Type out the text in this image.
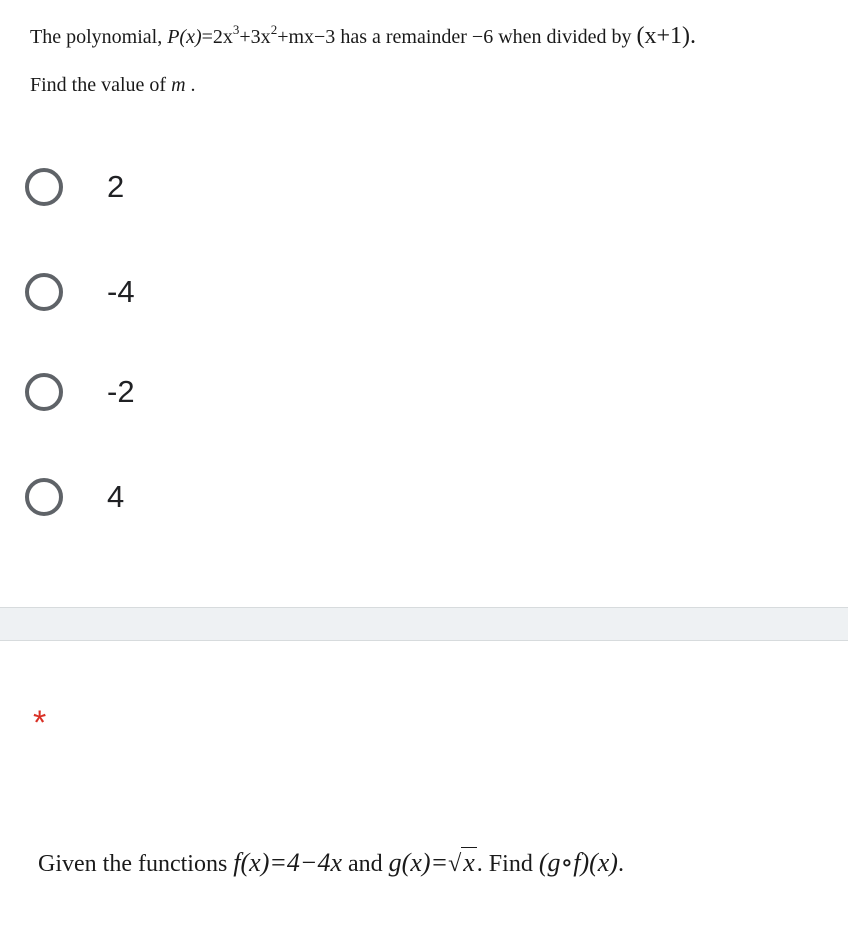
The polynomial, $P(x)=2x^3+3x^2+mx-3$ has a remainder −6 when divided by (x+1).
Find the value of m .
2
-4
-2
4
*
Given the functions f(x)=4−4x and g(x)=√x. Find (g∘f)(x).
